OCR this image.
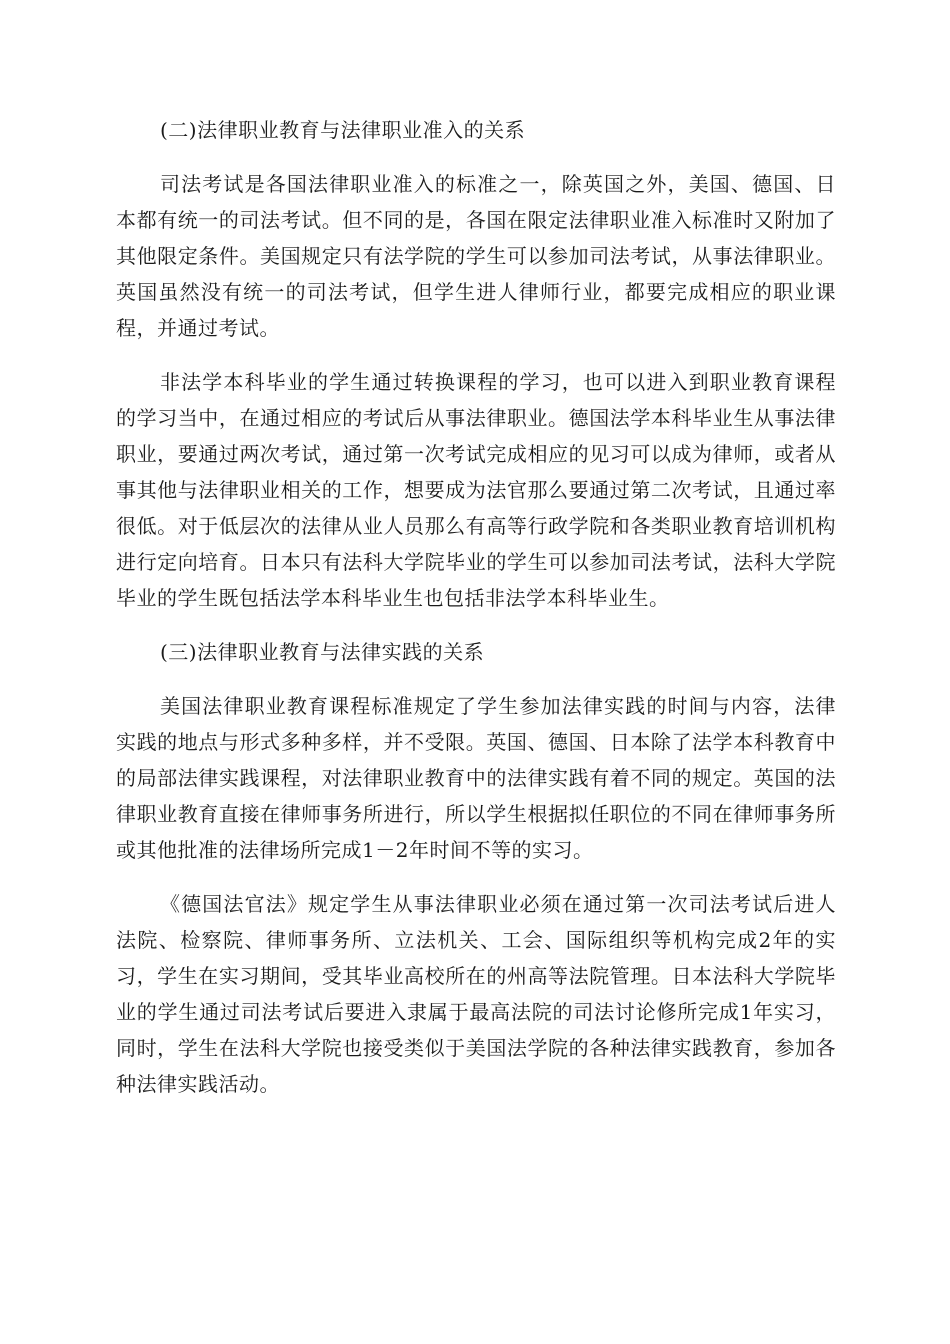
(二)法律职业教育与法律职业准入的关系

司法考试是各国法律职业准入的标准之一，除英国之外，美国、德国、日本都有统一的司法考试。但不同的是，各国在限定法律职业准入标准时又附加了其他限定条件。美国规定只有法学院的学生可以参加司法考试，从事法律职业。英国虽然没有统一的司法考试，但学生进人律师行业，都要完成相应的职业课程，并通过考试。

非法学本科毕业的学生通过转换课程的学习，也可以进入到职业教育课程的学习当中，在通过相应的考试后从事法律职业。德国法学本科毕业生从事法律职业，要通过两次考试，通过第一次考试完成相应的见习可以成为律师，或者从事其他与法律职业相关的工作，想要成为法官那么要通过第二次考试，且通过率很低。对于低层次的法律从业人员那么有高等行政学院和各类职业教育培训机构进行定向培育。日本只有法科大学院毕业的学生可以参加司法考试，法科大学院毕业的学生既包括法学本科毕业生也包括非法学本科毕业生。

(三)法律职业教育与法律实践的关系

美国法律职业教育课程标准规定了学生参加法律实践的时间与内容，法律实践的地点与形式多种多样，并不受限。英国、德国、日本除了法学本科教育中的局部法律实践课程，对法律职业教育中的法律实践有着不同的规定。英国的法律职业教育直接在律师事务所进行，所以学生根据拟任职位的不同在律师事务所或其他批准的法律场所完成1－2年时间不等的实习。

《德国法官法》规定学生从事法律职业必须在通过第一次司法考试后进人法院、检察院、律师事务所、立法机关、工会、国际组织等机构完成2年的实习，学生在实习期间，受其毕业高校所在的州高等法院管理。日本法科大学院毕业的学生通过司法考试后要进入隶属于最高法院的司法讨论修所完成1年实习，同时，学生在法科大学院也接受类似于美国法学院的各种法律实践教育，参加各种法律实践活动。
